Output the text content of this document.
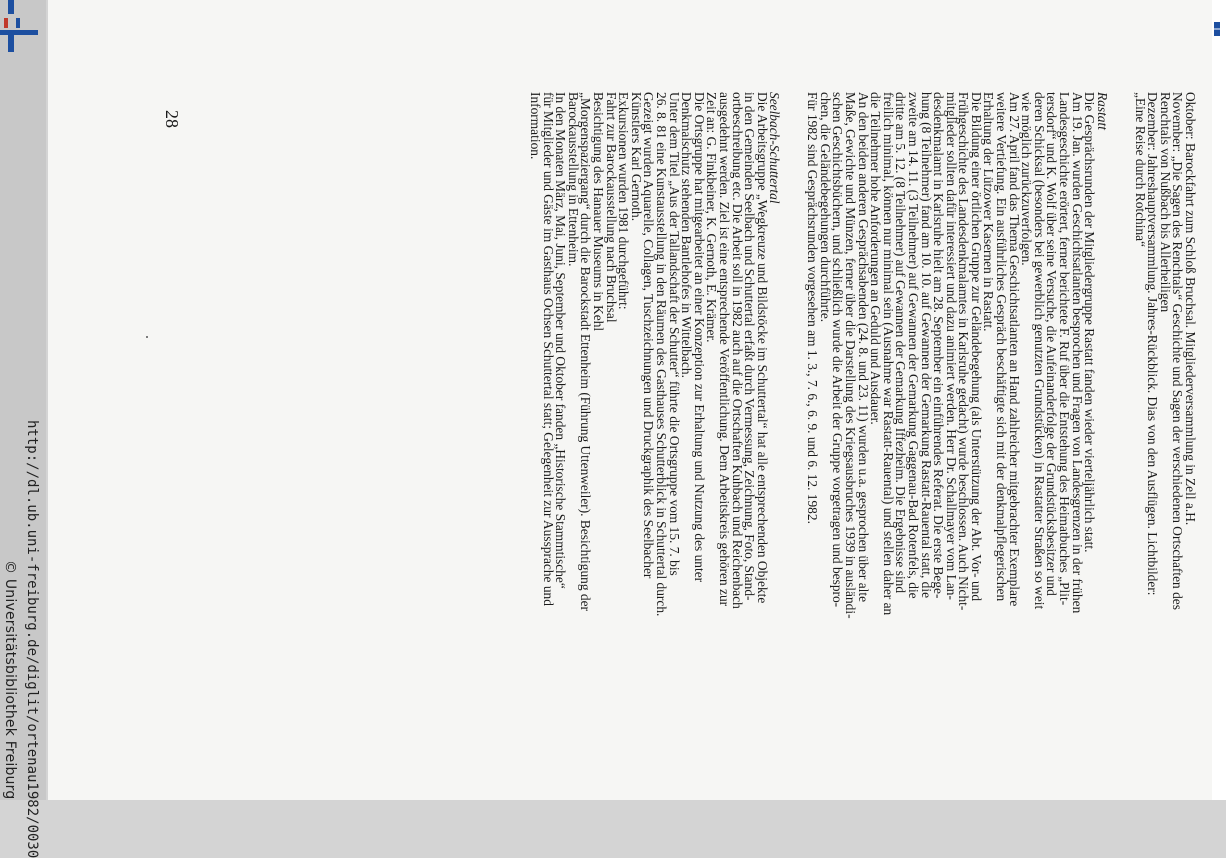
http://dl.ub.uni-freiburg.de/diglit/ortenau1982/0030
© Universitätsbibliothek Freiburg
28	Oktober: Barockfahrt zum Schloß Bruchsal. Mitgliederversammlung in Zell a.H.

November: „Die Sagen des Renchtals“ Geschichte und Sagen der verschiedenen Ortschaften des

Renchtals von Nußbach bis Allerheiligen

Dezember: Jahreshauptversammlung. Jahres-Rückblick. Dias von den Ausflügen. Lichtbilder:

„Eine Reise durch Rotchina“

Rastatt

Die Gesprächsrunden der Mitgliedergruppe Rastatt fanden wieder vierteljährlich statt.

Am 19. Jan. wurden Geschichtsatlanten besprochen und Fragen von Landesgrenzen in der frühen

Landesgeschichte erörtert, ferner berichtete F. Ruf über die Entstehung des Heimatbuches „Plit-

tersdorf“ und K. Wolf über seine Versuche, die Aufeinanderfolge der Grundstücksbesitzer und

deren Schicksal (besonders bei gewerblich genutzten Grundstücken) in Rastatter Straßen so weit

wie möglich zurückzuverfolgen.

Am 27. April fand das Thema Geschichtsatlanten an Hand zahlreicher mitgebrachter Exemplare

weitere Vertiefung. Ein ausführliches Gespräch beschäftigte sich mit der denkmalpflegerischen

Erhaltung der Lützower Kasernen in Rastatt.

Die Bildung einer örtlichen Gruppe zur Geländebegehung (als Unterstützung der Abt. Vor- und

Frühgeschichte des Landesdenkmalamtes in Karlsruhe gedacht) wurde beschlossen. Auch Nicht-

mitglieder sollten dafür interessiert und dazu animiert werden. Herr Dr. Schallmayer vom Lan-

desdenkmalamt in Karlsruhe hielt am 28. September ein einführendes Referat. Die erste Bege-

hung (8 Teilnehmer) fand am 10. 10. auf Gewannen der Gemarkung Rastatt-Rauental statt, die

zweite am 14. 11. (3 Teilnehmer) auf Gewannen der Gemarkung Gaggenau-Bad Rotenfels, die

dritte am 5. 12. (8 Teilnehmer) auf Gewannen der Gemarkung Iffezheim. Die Ergebnisse sind

freilich minimal, können nur minimal sein (Ausnahme war Rastatt-Rauental) und stellen daher an

die Teilnehmer hohe Anforderungen an Geduld und Ausdauer.

An den beiden anderen Gesprächsabenden (24. 8. und 23. 11) wurden u.a. gesprochen über alte

Maße, Gewichte und Münzen, ferner über die Darstellung des Kriegsausbruches 1939 in ausländi-

schen Geschichtsbüchern, und schließlich wurde die Arbeit der Gruppe vorgetragen und bespro-

chen, die Geländebegehungen durchführte.

Für 1982 sind Gesprächsrunden vorgesehen am 1. 3., 7. 6., 6. 9. und 6. 12. 1982.

Seelbach-Schuttertal

Die Arbeitsgruppe „Wegkreuze und Bildstöcke im Schuttertal“ hat alle entsprechenden Objekte

in den Gemeinden Seelbach und Schuttertal erfaßt durch Vermessung, Zeichnung, Foto, Stand-

ortbeschreibung etc. Die Arbeit soll in 1982 auch auf die Ortschaften Kuhbach und Reichenbach

ausgedehnt werden. Ziel ist eine entsprechende Veröffentlichung. Dem Arbeitskreis gehören zur

Zeit an: G. Finkbeiner, K. Gernoth, E. Krämer.

Die Ortsgruppe hat mitgearbeitet an einer Konzeption zur Erhaltung und Nutzung des unter

Denkmalschutz stehenden Bantlehofes in Wittelbach.

Unter dem Titel „Aus der Tallandschaft der Schutter“ führte die Ortsgruppe vom 15. 7. bis

26. 8. 81 eine Kunstausstellung in den Räumen des Gasthauses Schutterblick in Schuttertal durch.

Gezeigt wurden Aquarelle, Collagen, Tuschzeichnungen und Druckgraphik des Seelbacher

Künstlers Karl Gernoth.

Exkursionen wurden 1981 durchgeführt:

Fahrt zur Barockausstellung nach Bruchsal

Besichtigung des Hanauer Museums in Kehl

„Morgenspaziergang“ durch die Barockstadt Ettenheim (Führung Uttenweiler). Besichtigung der

Barockausstellung in Ettenheim.

In den Monaten März, Mai, Juni, September und Oktober fanden „Historische Stammtische“

für Mitglieder und Gäste im Gasthaus Ochsen Schuttertal statt; Gelegenheit zur Aussprache und

Information.
